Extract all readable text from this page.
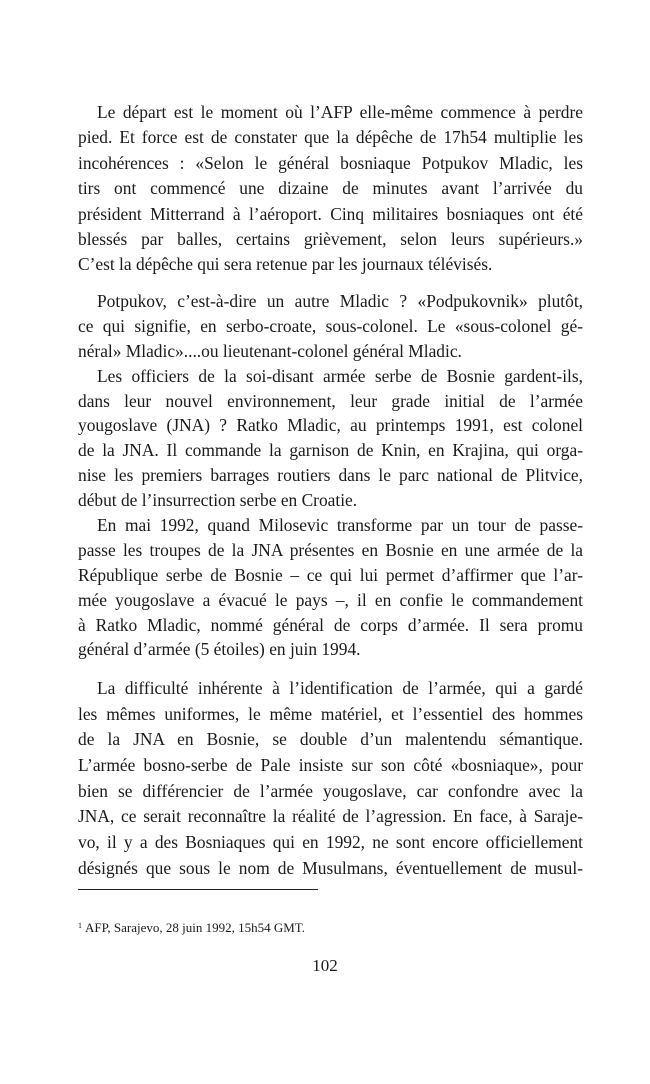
Le départ est le moment où l’AFP elle-même commence à perdre
pied. Et force est de constater que la dépêche de 17h54 multiplie les
incohérences : «Selon le général bosniaque Potpukov Mladic, les
tirs ont commencé une dizaine de minutes avant l’arrivée du
président Mitterrand à l’aéroport. Cinq militaires bosniaques ont été
blessés par balles, certains grièvement, selon leurs supérieurs.»
C’est la dépêche qui sera retenue par les journaux télévisés.
Potpukov, c’est-à-dire un autre Mladic ? «Podpukovnik» plutôt,
ce qui signifie, en serbo-croate, sous-colonel. Le «sous-colonel gé-
néral» Mladic»....ou lieutenant-colonel général Mladic.
Les officiers de la soi-disant armée serbe de Bosnie gardent-ils,
dans leur nouvel environnement, leur grade initial de l’armée
yougoslave (JNA) ? Ratko Mladic, au printemps 1991, est colonel
de la JNA. Il commande la garnison de Knin, en Krajina, qui orga-
nise les premiers barrages routiers dans le parc national de Plitvice,
début de l’insurrection serbe en Croatie.
En mai 1992, quand Milosevic transforme par un tour de passe-
passe les troupes de la JNA présentes en Bosnie en une armée de la
République serbe de Bosnie – ce qui lui permet d’affirmer que l’ar-
mée yougoslave a évacué le pays –, il en confie le commandement
à Ratko Mladic, nommé général de corps d’armée. Il sera promu
général d’armée (5 étoiles) en juin 1994.
La difficulté inhérente à l’identification de l’armée, qui a gardé
les mêmes uniformes, le même matériel, et l’essentiel des hommes
de la JNA en Bosnie, se double d’un malentendu sémantique.
L’armée bosno-serbe de Pale insiste sur son côté «bosniaque», pour
bien se différencier de l’armée yougoslave, car confondre avec la
JNA, ce serait reconnaître la réalité de l’agression. En face, à Saraje-
vo, il y a des Bosniaques qui en 1992, ne sont encore officiellement
désignés que sous le nom de Musulmans, éventuellement de musul-
$^1$ AFP, Sarajevo, 28 juin 1992, 15h54 GMT.
102
